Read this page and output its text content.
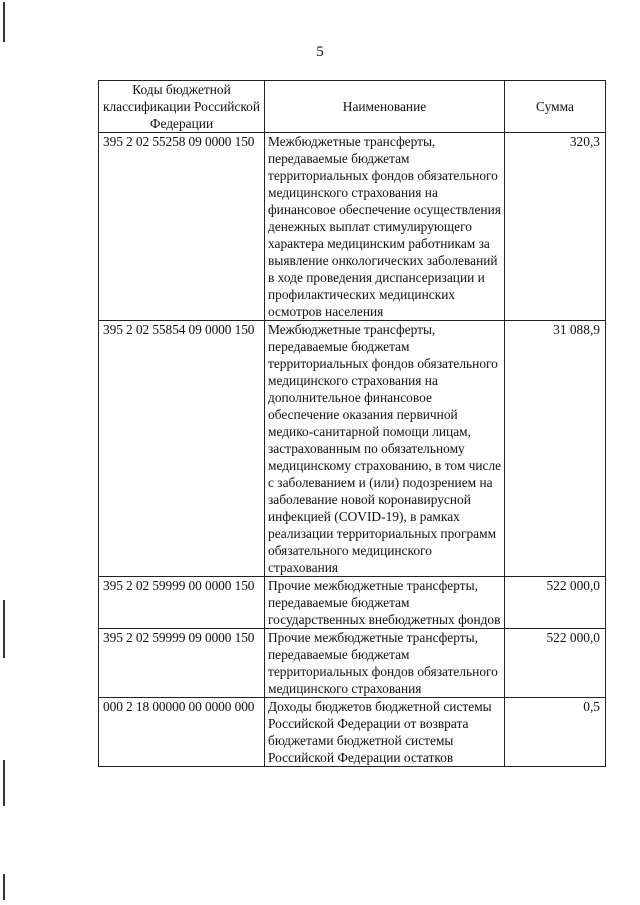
5
Коды бюджетной классификации Российской Федерации	Наименование	Сумма
395 2 02 55258 09 0000 150	Межбюджетные трансферты, передаваемые бюджетам территориальных фондов обязательного медицинского страхования на финансовое обеспечение осуществления денежных выплат стимулирующего характера медицинским работникам за выявление онкологических заболеваний в ходе проведения диспансеризации и профилактических медицинских осмотров населения	320,3
395 2 02 55854 09 0000 150	Межбюджетные трансферты, передаваемые бюджетам территориальных фондов обязательного медицинского страхования на дополнительное финансовое обеспечение оказания первичной медико-санитарной помощи лицам, застрахованным по обязательному медицинскому страхованию, в том числе с заболеванием и (или) подозрением на заболевание новой коронавирусной инфекцией (COVID-19), в рамках реализации территориальных программ обязательного медицинского страхования	31 088,9
395 2 02 59999 00 0000 150	Прочие межбюджетные трансферты, передаваемые бюджетам государственных внебюджетных фондов	522 000,0
395 2 02 59999 09 0000 150	Прочие межбюджетные трансферты, передаваемые бюджетам территориальных фондов обязательного медицинского страхования	522 000,0
000 2 18 00000 00 0000 000	Доходы бюджетов бюджетной системы Российской Федерации от возврата бюджетами бюджетной системы Российской Федерации остатков	0,5
